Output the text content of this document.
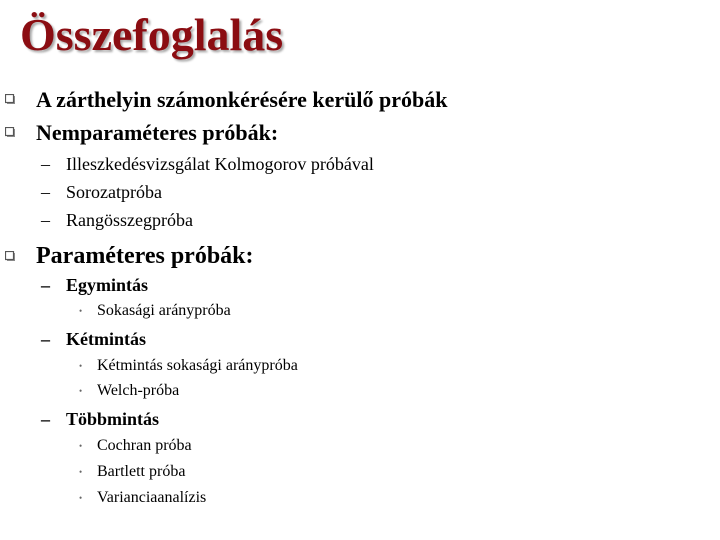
Összefoglalás
A zárthelyin számonkérésére kerülő próbák
Nemparaméteres próbák:
– Illeszkedésvizsgálat Kolmogorov próbával
– Sorozatpróba
– Rangösszegpróba
Paraméteres próbák:
– Egymintás
• Sokasági aránypróba
– Kétmintás
• Kétmintás sokasági aránypróba
• Welch-próba
– Többmintás
• Cochran próba
• Bartlett próba
• Varianciaanalízis
